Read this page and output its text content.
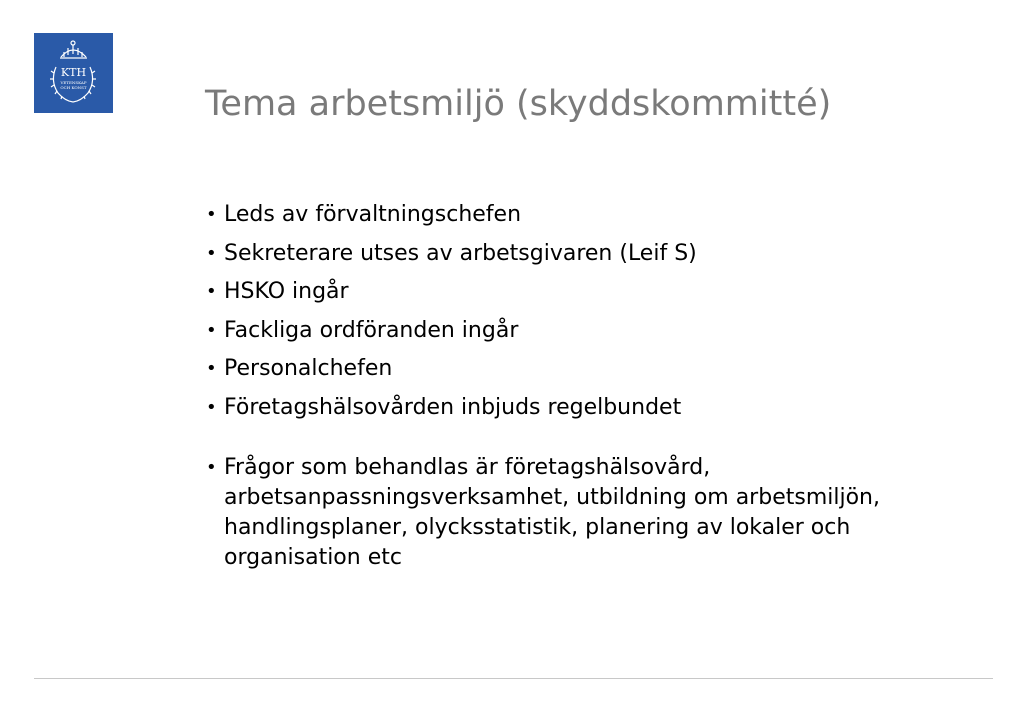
KTH
VETENSKAP
OCH KONST	Tema arbetsmiljö (skyddskommitté)
• Leds av förvaltningschefen
• Sekreterare utses av arbetsgivaren (Leif S)
• HSKO ingår
• Fackliga ordföranden ingår
• Personalchefen
• Företagshälsovården inbjuds regelbundet
• Frågor som behandlas är företagshälsovård, arbetsanpassningsverksamhet, utbildning om arbetsmiljön, handlingsplaner, olycksstatistik, planering av lokaler och organisation etc
